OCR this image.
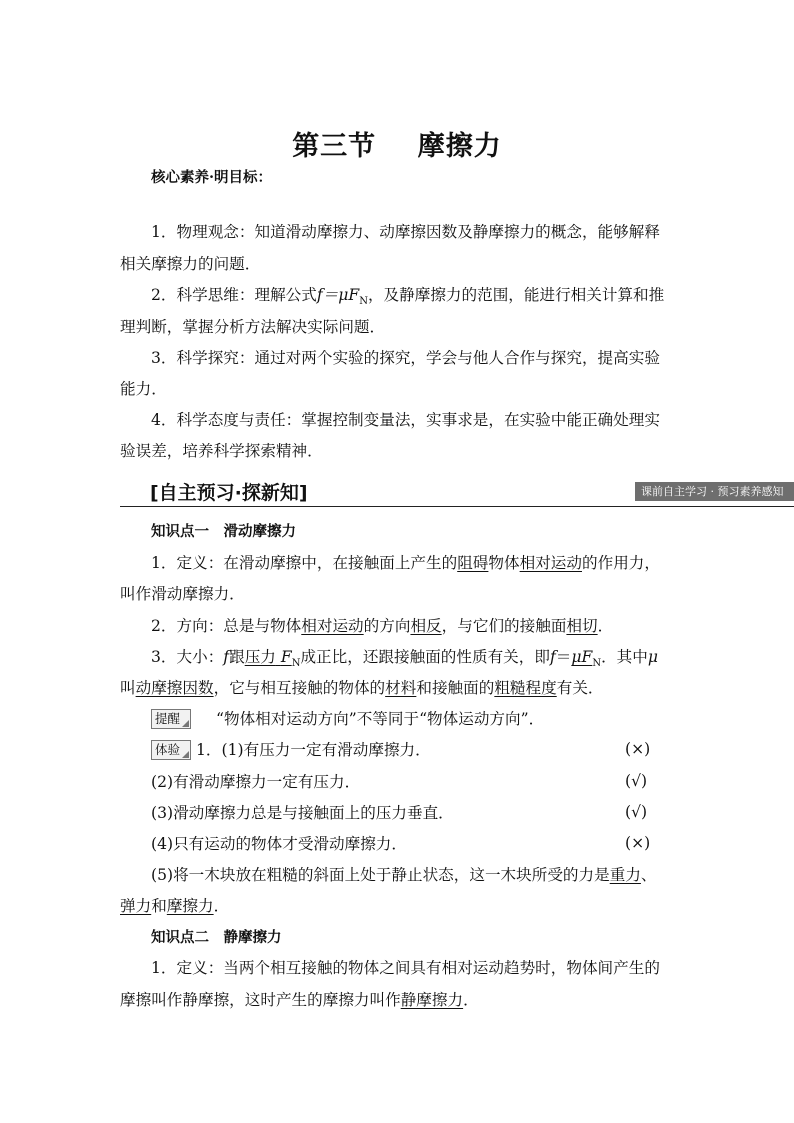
第三节 摩擦力
核心素养·明目标：
1．物理观念：知道滑动摩擦力、动摩擦因数及静摩擦力的概念，能够解释
相关摩擦力的问题．
2．科学思维：理解公式$f=\mu F_N$，及静摩擦力的范围，能进行相关计算和推
理判断，掌握分析方法解决实际问题．
3．科学探究：通过对两个实验的探究，学会与他人合作与探究，提高实验
能力．
4．科学态度与责任：掌握控制变量法，实事求是，在实验中能正确处理实
验误差，培养科学探索精神．
[自主预习·探新知]	课前自主学习 · 预习素养感知
知识点一　滑动摩擦力
1．定义：在滑动摩擦中，在接触面上产生的阻碍物体相对运动的作用力，
叫作滑动摩擦力．
2．方向：总是与物体相对运动的方向相反，与它们的接触面相切．
3．大小：f跟压力 $F_N$成正比，还跟接触面的性质有关，即$f=\mu F_N$．其中μ
叫动摩擦因数，它与相互接触的物体的材料和接触面的粗糙程度有关．
提醒	“物体相对运动方向”不等同于“物体运动方向”．
体验	1．(1)有压力一定有滑动摩擦力．	(×)
(2)有滑动摩擦力一定有压力．	(√)
(3)滑动摩擦力总是与接触面上的压力垂直．	(√)
(4)只有运动的物体才受滑动摩擦力．	(×)
(5)将一木块放在粗糙的斜面上处于静止状态，这一木块所受的力是重力、
弹力和摩擦力．
知识点二　静摩擦力
1．定义：当两个相互接触的物体之间具有相对运动趋势时，物体间产生的
摩擦叫作静摩擦，这时产生的摩擦力叫作静摩擦力．
